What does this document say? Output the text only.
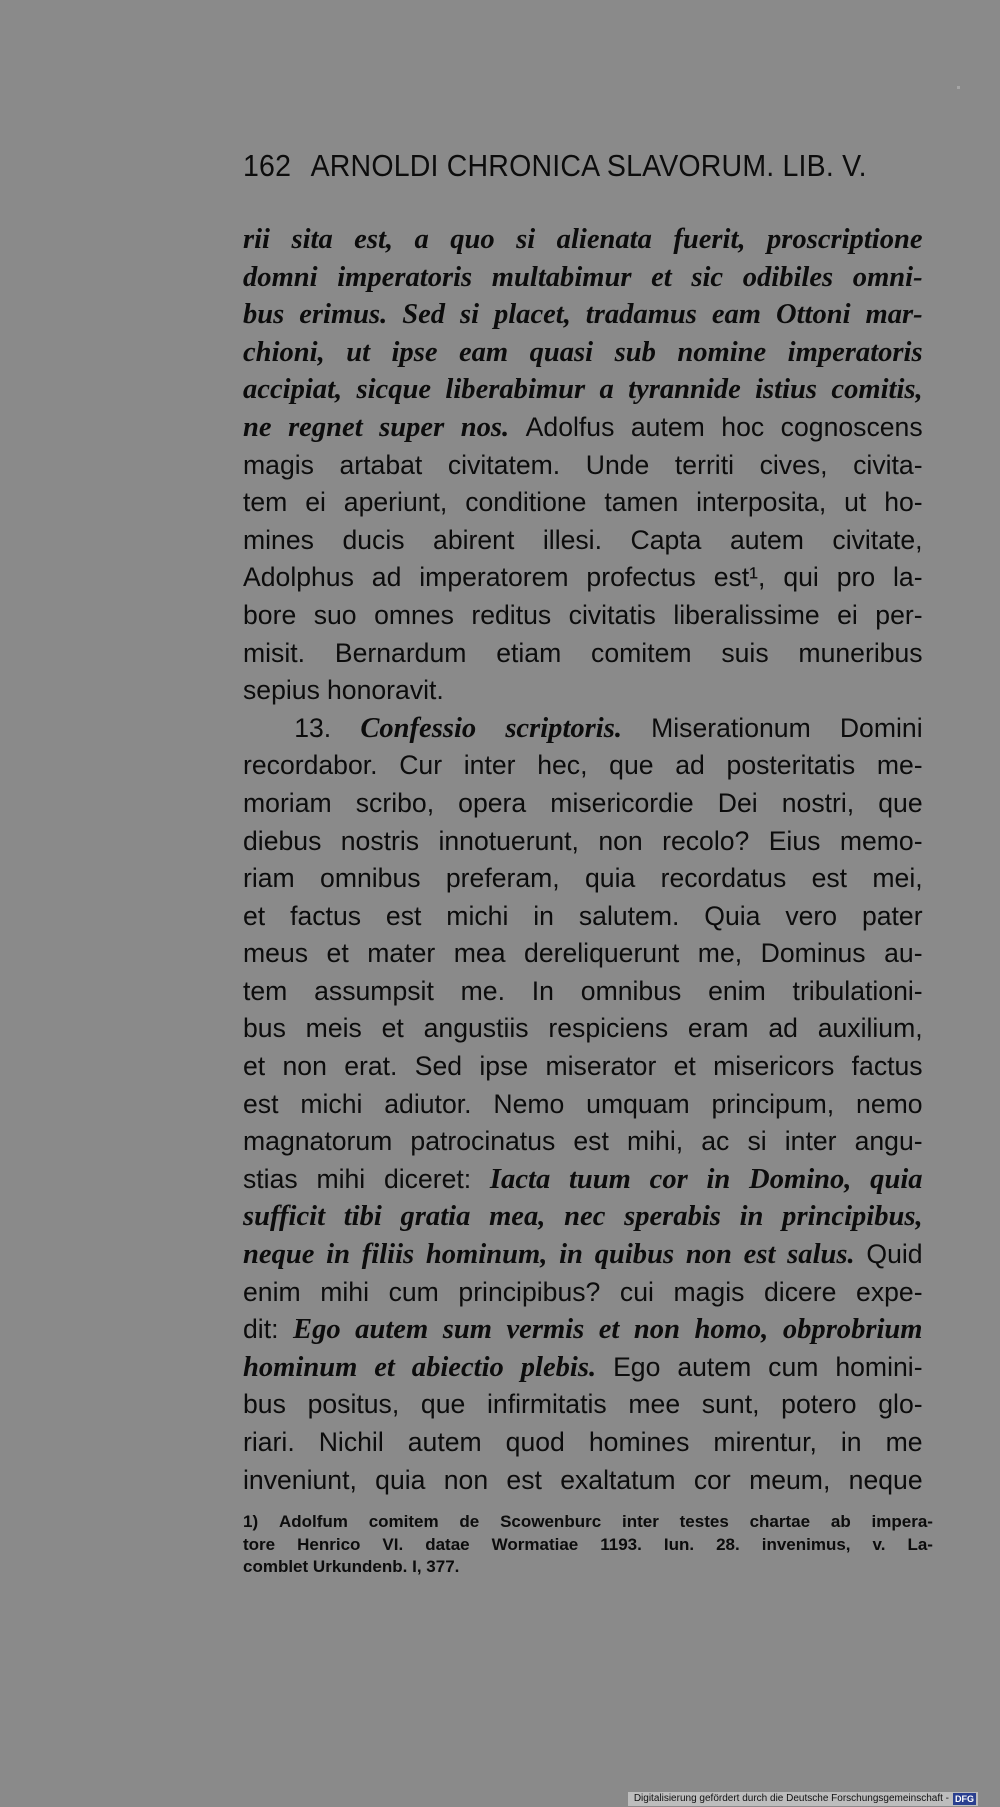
162 ARNOLDI CHRONICA SLAVORUM. LIB. V.
rii sita est, a quo si alienata fuerit, proscriptione
domni imperatoris multabimur et sic odibiles omni-
bus erimus. Sed si placet, tradamus eam Ottoni mar-
chioni, ut ipse eam quasi sub nomine imperatoris
accipiat, sicque liberabimur a tyrannide istius comitis,
ne regnet super nos. Adolfus autem hoc cognoscens
magis artabat civitatem. Unde territi cives, civita-
tem ei aperiunt, conditione tamen interposita, ut ho-
mines ducis abirent illesi. Capta autem civitate,
Adolphus ad imperatorem profectus est¹, qui pro la-
bore suo omnes reditus civitatis liberalissime ei per-
misit. Bernardum etiam comitem suis muneribus
sepius
honoravit.

13. Confessio scriptoris. Miserationum Domini
recordabor. Cur inter hec, que ad posteritatis me-
moriam scribo, opera misericordie Dei nostri, que
diebus nostris innotuerunt, non recolo? Eius memo-
riam omnibus preferam, quia recordatus est mei,
et factus est michi in salutem. Quia vero pater
meus et mater mea dereliquerunt me, Dominus au-
tem assumpsit me. In omnibus enim tribulationi-
bus meis et angustiis respiciens eram ad auxilium,
et non erat. Sed ipse miserator et misericors factus
est michi adiutor. Nemo umquam principum, nemo
magnatorum patrocinatus est mihi, ac si inter angu-
stias mihi diceret: Iacta tuum cor in Domino, quia
sufficit tibi gratia mea, nec sperabis in principibus,
neque in filiis hominum, in quibus non est salus. Quid
enim mihi cum principibus? cui magis dicere expe-
dit: Ego autem sum vermis et non homo, obprobrium
hominum et abiectio plebis. Ego autem cum homini-
bus positus, que infirmitatis mee sunt, potero glo-
riari. Nichil autem quod homines mirentur, in me
inveniunt, quia non est exaltatum cor meum, neque
1) Adolfum comitem de Scowenburc inter testes chartae ab impera-
tore Henrico VI. datae Wormatiae 1193. Iun. 28. invenimus, v. La-
comblet
Urkundenb.
I,
377.

Digitalisierung gefördert durch die Deutsche Forschungsgemeinschaft - DFG
